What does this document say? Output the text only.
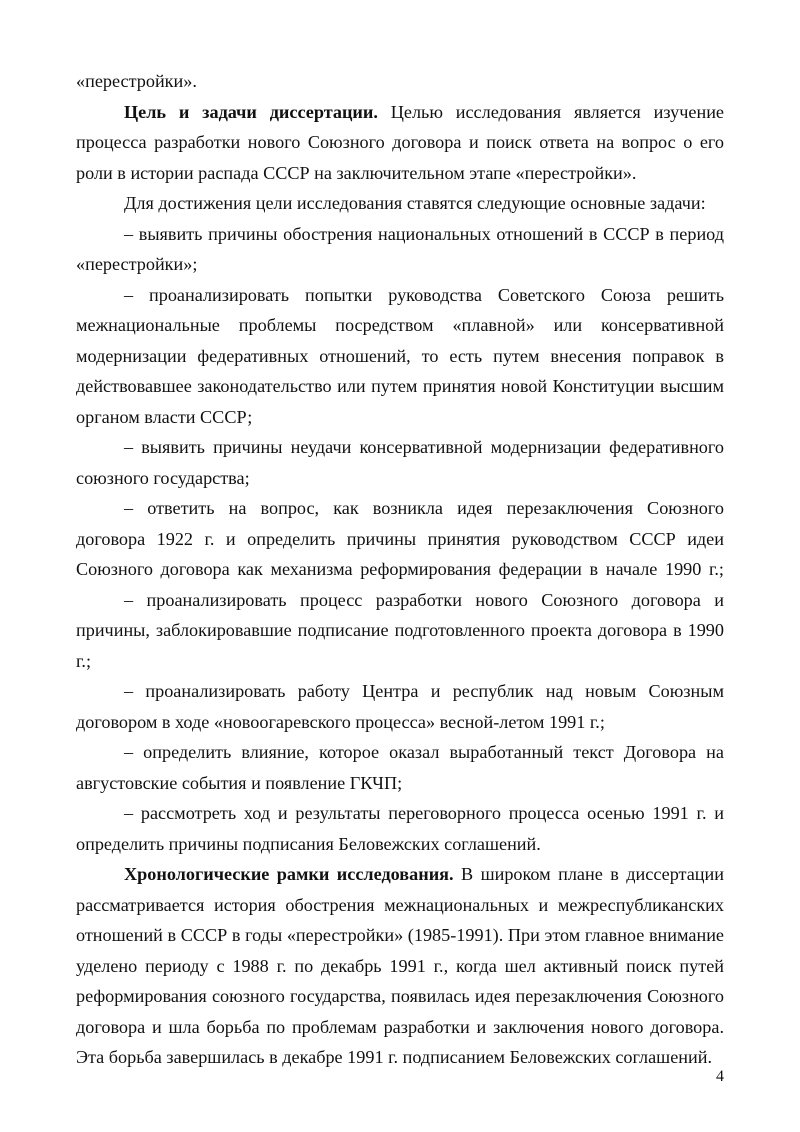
«перестройки».
Цель и задачи диссертации. Целью исследования является изучение
процесса разработки нового Союзного договора и поиск ответа на вопрос о его
роли в истории распада СССР на заключительном этапе «перестройки».
Для достижения цели исследования ставятся следующие основные задачи:
– выявить причины обострения национальных отношений в СССР в период
«перестройки»;
– проанализировать попытки руководства Советского Союза решить
межнациональные проблемы посредством «плавной» или консервативной
модернизации федеративных отношений, то есть путем внесения поправок в
действовавшее законодательство или путем принятия новой Конституции высшим
органом власти СССР;
– выявить причины неудачи консервативной модернизации федеративного
союзного государства;
– ответить на вопрос, как возникла идея перезаключения Союзного
договора 1922 г. и определить причины принятия руководством СССР идеи
Союзного договора как механизма реформирования федерации в начале 1990 г.;
– проанализировать процесс разработки нового Союзного договора и
причины, заблокировавшие подписание подготовленного проекта договора в 1990
г.;
– проанализировать работу Центра и республик над новым Союзным
договором в ходе «новоогаревского процесса» весной-летом 1991 г.;
– определить влияние, которое оказал выработанный текст Договора на
августовские события и появление ГКЧП;
– рассмотреть ход и результаты переговорного процесса осенью 1991 г. и
определить причины подписания Беловежских соглашений.
Хронологические рамки исследования. В широком плане в диссертации
рассматривается история обострения межнациональных и межреспубликанских
отношений в СССР в годы «перестройки» (1985-1991). При этом главное внимание
уделено периоду с 1988 г. по декабрь 1991 г., когда шел активный поиск путей
реформирования союзного государства, появилась идея перезаключения Союзного
договора и шла борьба по проблемам разработки и заключения нового договора.
Эта борьба завершилась в декабре 1991 г. подписанием Беловежских соглашений.
4
